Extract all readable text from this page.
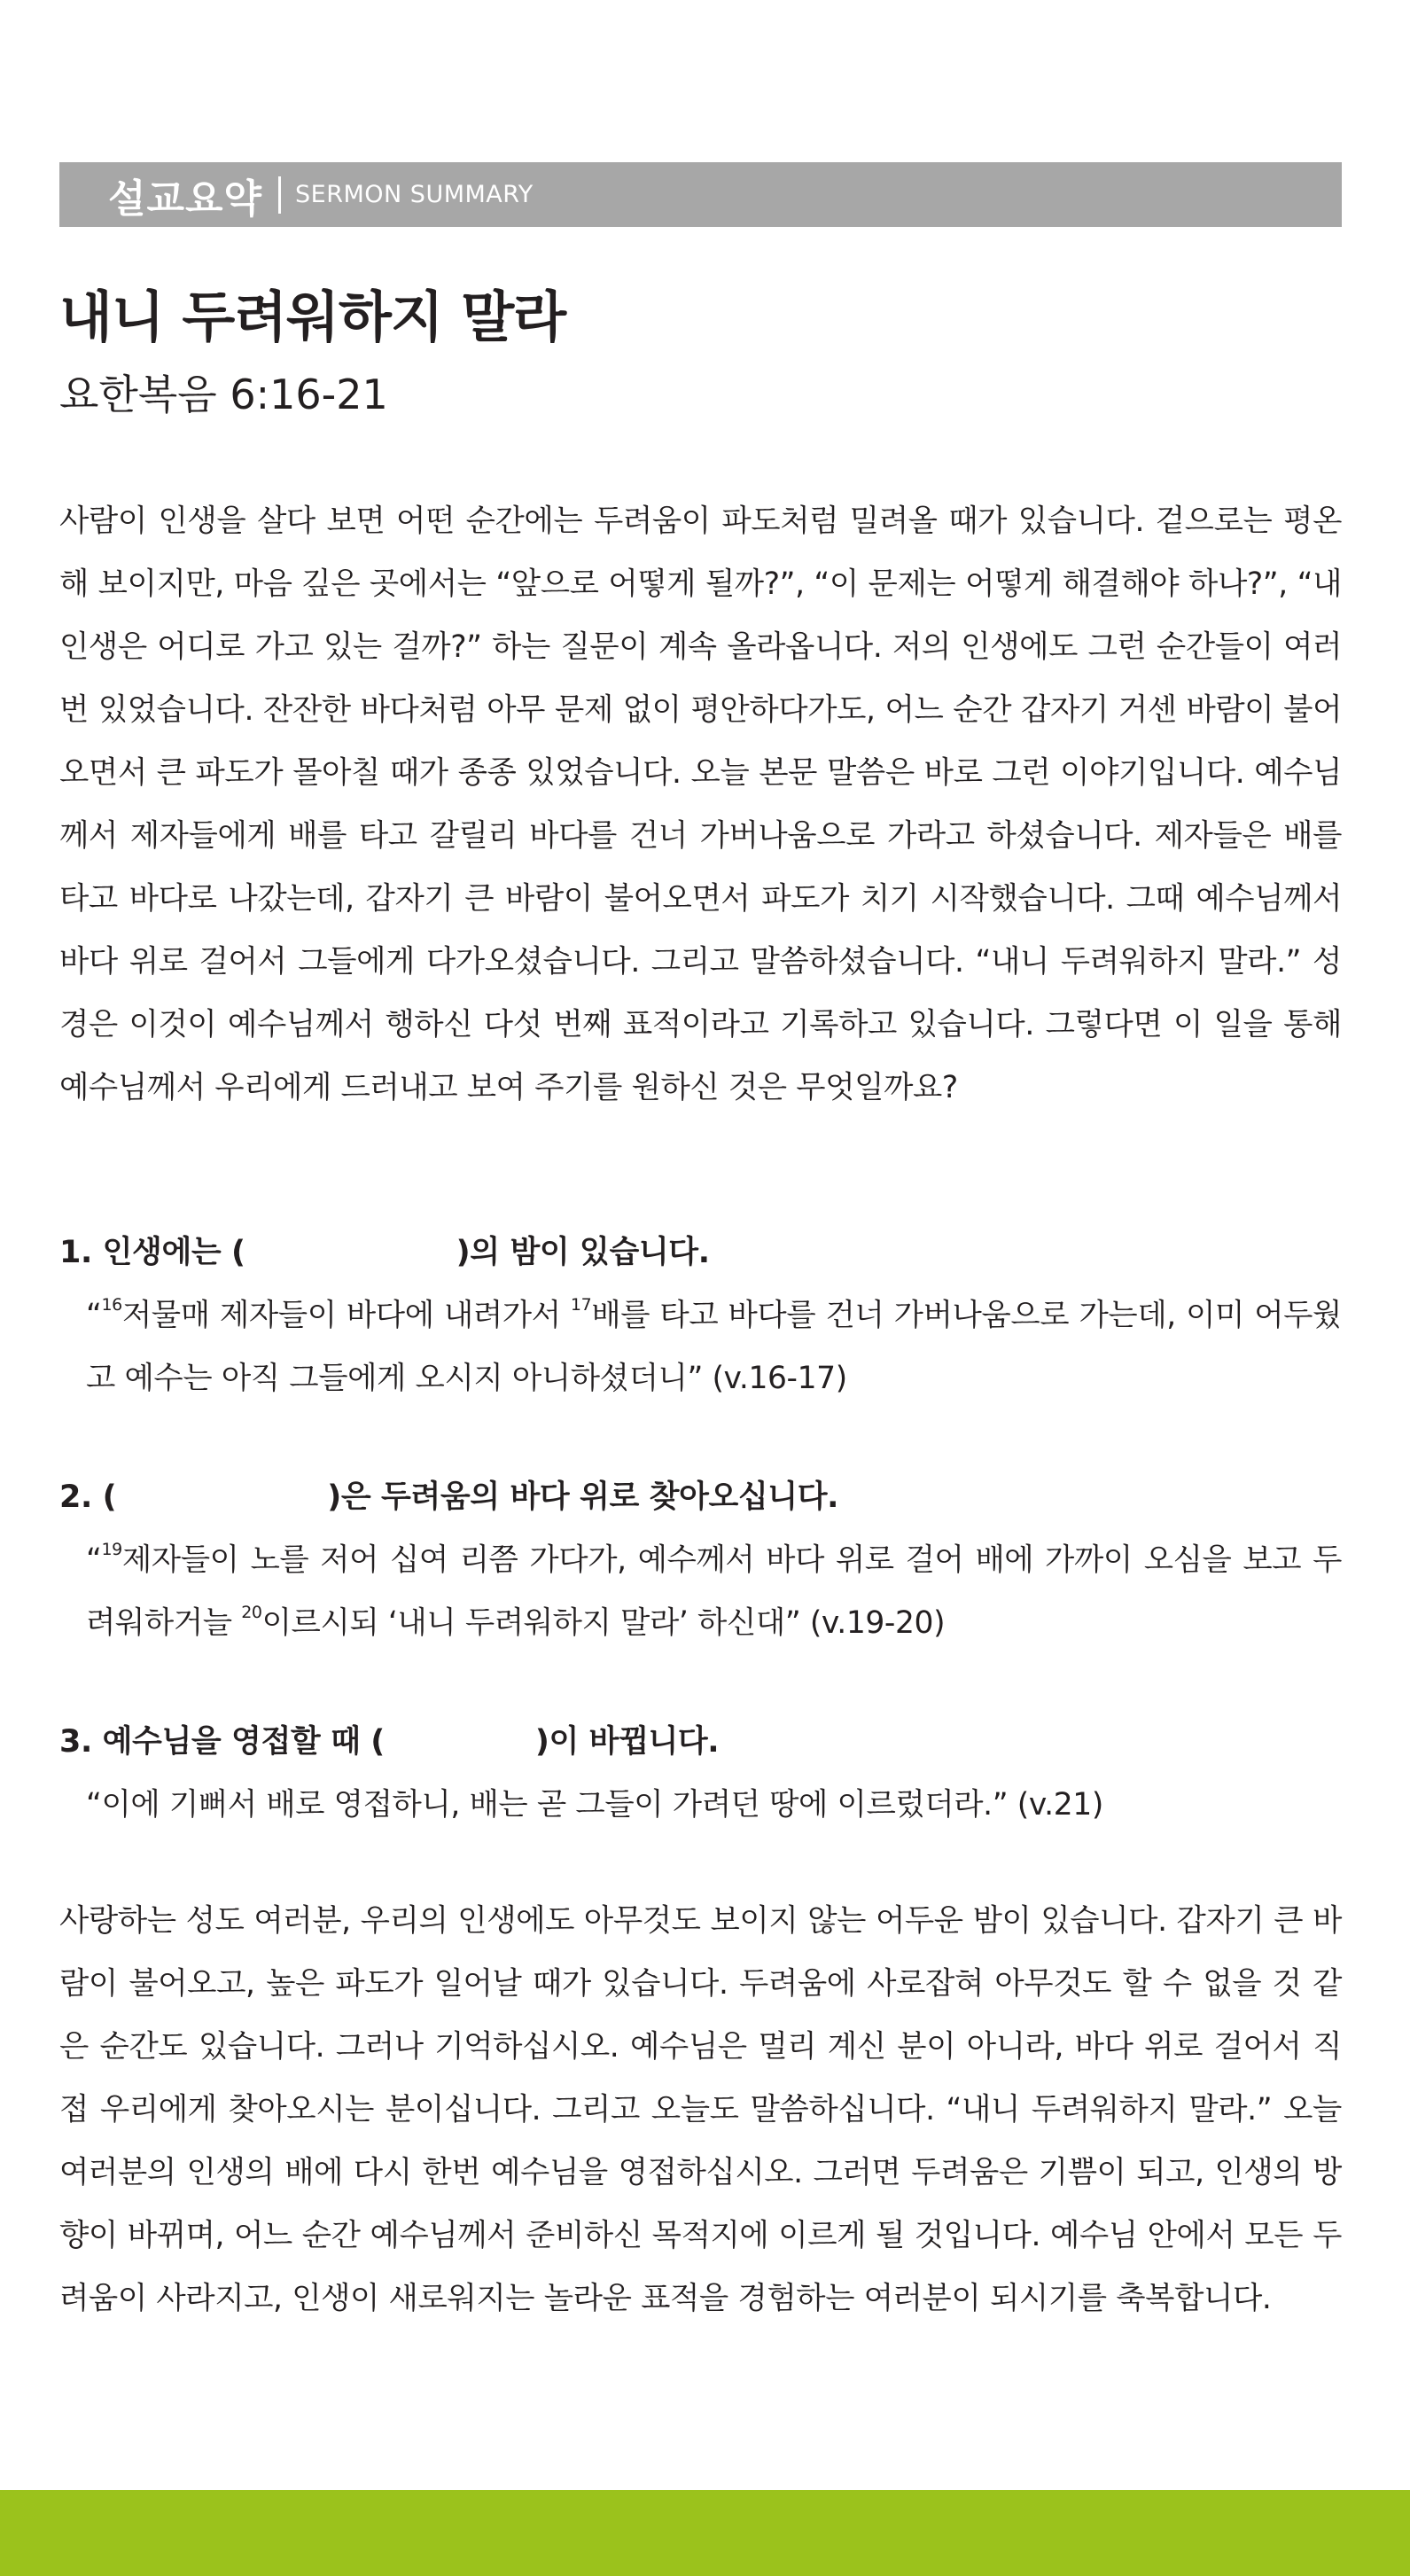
설교요약 SERMON SUMMARY
내니 두려워하지 말라
요한복음 6:16-21

사람이 인생을 살다 보면 어떤 순간에는 두려움이 파도처럼 밀려올 때가 있습니다. 겉으로는 평온해 보이지만, 마음 깊은 곳에서는 “앞으로 어떻게 될까?”, “이 문제는 어떻게 해결해야 하나?”, “내 인생은 어디로 가고 있는 걸까?” 하는 질문이 계속 올라옵니다. 저의 인생에도 그런 순간들이 여러 번 있었습니다. 잔잔한 바다처럼 아무 문제 없이 평안하다가도, 어느 순간 갑자기 거센 바람이 불어오면서 큰 파도가 몰아칠 때가 종종 있었습니다. 오늘 본문 말씀은 바로 그런 이야기입니다. 예수님께서 제자들에게 배를 타고 갈릴리 바다를 건너 가버나움으로 가라고 하셨습니다. 제자들은 배를 타고 바다로 나갔는데, 갑자기 큰 바람이 불어오면서 파도가 치기 시작했습니다. 그때 예수님께서 바다 위로 걸어서 그들에게 다가오셨습니다. 그리고 말씀하셨습니다. “내니 두려워하지 말라.” 성경은 이것이 예수님께서 행하신 다섯 번째 표적이라고 기록하고 있습니다. 그렇다면 이 일을 통해 예수님께서 우리에게 드러내고 보여 주기를 원하신 것은 무엇일까요?

1. 인생에는 (	)의 밤이 있습니다.

“$^{16}$저물매 제자들이 바다에 내려가서 $^{17}$배를 타고 바다를 건너 가버나움으로 가는데, 이미 어두웠고 예수는 아직 그들에게 오시지 아니하셨더니” (v.16-17)

2. (	)은 두려움의 바다 위로 찾아오십니다.

“$^{19}$제자들이 노를 저어 십여 리쯤 가다가, 예수께서 바다 위로 걸어 배에 가까이 오심을 보고 두려워하거늘 $^{20}$이르시되 ‘내니 두려워하지 말라’ 하신대” (v.19-20)

3. 예수님을 영접할 때 (	)이 바뀝니다.

“이에 기뻐서 배로 영접하니, 배는 곧 그들이 가려던 땅에 이르렀더라.” (v.21)

사랑하는 성도 여러분, 우리의 인생에도 아무것도 보이지 않는 어두운 밤이 있습니다. 갑자기 큰 바람이 불어오고, 높은 파도가 일어날 때가 있습니다. 두려움에 사로잡혀 아무것도 할 수 없을 것 같은 순간도 있습니다. 그러나 기억하십시오. 예수님은 멀리 계신 분이 아니라, 바다 위로 걸어서 직접 우리에게 찾아오시는 분이십니다. 그리고 오늘도 말씀하십니다. “내니 두려워하지 말라.” 오늘 여러분의 인생의 배에 다시 한번 예수님을 영접하십시오. 그러면 두려움은 기쁨이 되고, 인생의 방향이 바뀌며, 어느 순간 예수님께서 준비하신 목적지에 이르게 될 것입니다. 예수님 안에서 모든 두려움이 사라지고, 인생이 새로워지는 놀라운 표적을 경험하는 여러분이 되시기를 축복합니다.
